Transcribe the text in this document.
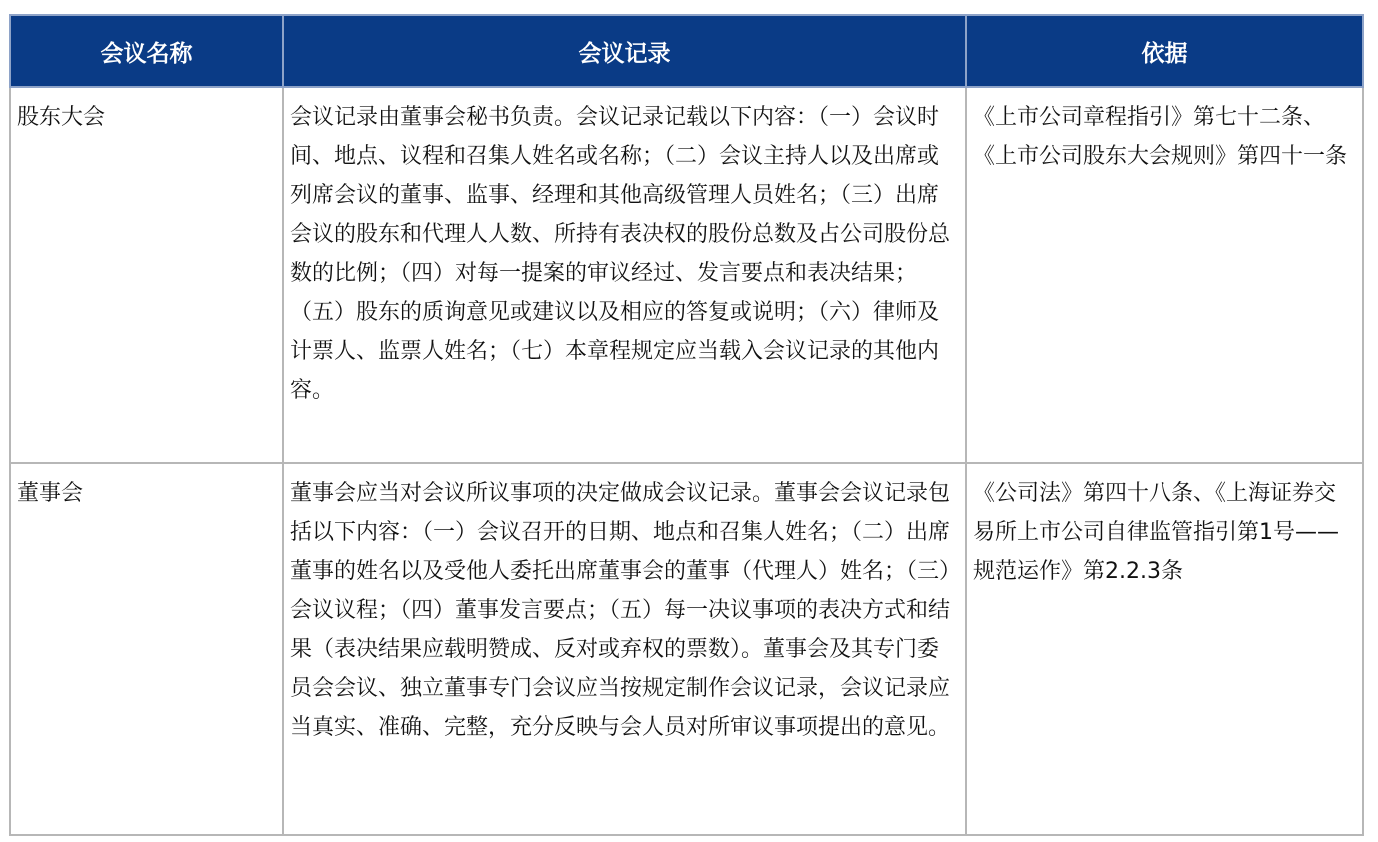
会议名称	会议记录	依据
股东大会	会议记录由董事会秘书负责。会议记录记载以下内容：（一）会议时间、地点、议程和召集人姓名或名称；（二）会议主持人以及出席或列席会议的董事、监事、经理和其他高级管理人员姓名；（三）出席会议的股东和代理人人数、所持有表决权的股份总数及占公司股份总数的比例；（四）对每一提案的审议经过、发言要点和表决结果；（五）股东的质询意见或建议以及相应的答复或说明；（六）律师及计票人、监票人姓名；（七）本章程规定应当载入会议记录的其他内容。	《上市公司章程指引》第七十二条、《上市公司股东大会规则》第四十一条
董事会	董事会应当对会议所议事项的决定做成会议记录。董事会会议记录包括以下内容：（一）会议召开的日期、地点和召集人姓名；（二）出席董事的姓名以及受他人委托出席董事会的董事（代理人）姓名；（三）会议议程；（四）董事发言要点；（五）每一决议事项的表决方式和结果（表决结果应载明赞成、反对或弃权的票数）。董事会及其专门委员会会议、独立董事专门会议应当按规定制作会议记录，会议记录应当真实、准确、完整，充分反映与会人员对所审议事项提出的意见。	《公司法》第四十八条、《上海证券交易所上市公司自律监管指引第1号——规范运作》第2.2.3条
